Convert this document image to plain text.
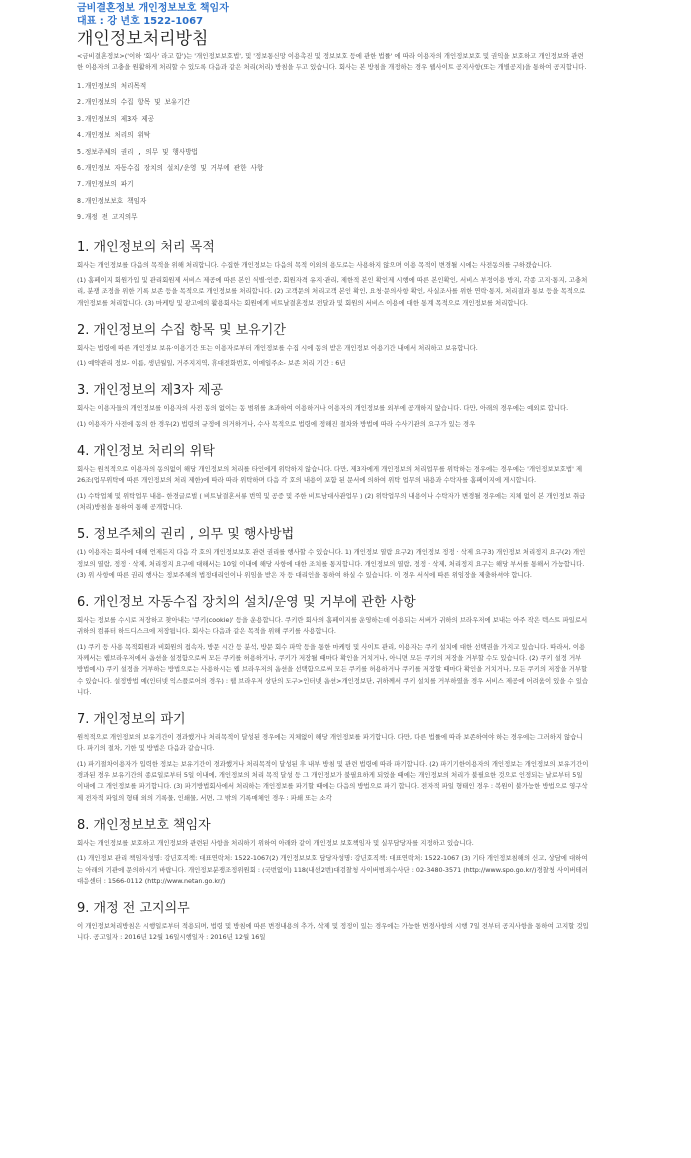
금비결혼정보 개인정보보호 책임자
대표 : 강 년호 1522-1067
개인정보처리방침

<금비결혼정보>('이하 '회사' 라고 함')는 '개인정보보호법', 및 '정보통신망 이용촉진 및 정보보호 등에 관한 법률' 에 따라 이용자의 개인정보보호 및 권익을 보호하고 개인정보와 관련한 이용자의 고충을 원활하게 처리할 수 있도록 다음과 같은 처리(처리) 방침을 두고 있습니다. 회사는 본 방침을 개정하는 경우 웹사이트 공지사항(또는 개별공지)을 통하여 공지합니다.

1.개인정보의 처리목적
2.개인정보의 수집 항목 및 보유기간
3.개인정보의 제3자 제공
4.개인정보 처리의 위탁
5.정보주체의 권리 , 의무 및 행사방법
6.개인정보 자동수집 장치의 설치/운영 및 거부에 관한 사항
7.개인정보의 파기
8.개인정보보호 책임자
9.개정 전 고지의무
1. 개인정보의 처리 목적

회사는 개인정보를 다음의 목적을 위해 처리합니다. 수집한 개인정보는 다음의 목적 이외의 용도로는 사용하지 않으며 이용 목적이 변경될 시에는 사전동의를 구하겠습니다.

(1) 홈페이지 회원가입 및 관리회원제 서비스 제공에 따른 본인 식별·인증, 회원자격 유지·관리, 제한적 본인 확인제 시행에 따른 본인확인, 서비스 부정이용 방지, 각종 고지·통지, 고충처리, 분쟁 조정을 위한 기록 보존 등을 목적으로 개인정보를 처리합니다. (2) 고객문의 처리고객 본인 확인, 요청·문의사항 확인, 사실조사를 위한 연락·통지, 처리결과 통보 등을 목적으로 개인정보를 처리합니다. (3) 마케팅 및 광고에의 활용회사는 회원에게 비트날결혼정보 전달과 및 회원의 서비스 이용에 대한 통계 목적으로 개인정보를 처리합니다.

2. 개인정보의 수집 항목 및 보유기간

회사는 법령에 따른 개인정보 보유·이용기간 또는 이용자로부터 개인정보를 수집 시에 동의 받은 개인정보 이용기간 내에서 처리하고 보유합니다.

(1) 예약관리 정보- 이름, 생년월일, 거주지지역, 휴대전화번호, 이메일주소- 보존 처리 기간 : 6년

3. 개인정보의 제3자 제공

회사는 이용자들의 개인정보를 이용자의 사전 동의 없이는 동 범위를 초과하여 이용하거나 이용자의 개인정보를 외부에 공개하지 않습니다. 다만, 아래의 경우에는 예외로 합니다.

(1) 이용자가 사전에 동의 한 경우(2) 법령의 규정에 의거하거나, 수사 목적으로 법령에 정해진 절차와 방법에 따라 수사기관의 요구가 있는 경우

4. 개인정보 처리의 위탁

회사는 원칙적으로 이용자의 동의없이 해당 개인정보의 처리를 타인에게 위탁하지 않습니다. 다만, 제3자에게 개인정보의 처리업무를 위탁하는 경우에는 경우에는 '개인정보보호법' 제26조(업무위탁에 따른 개인정보의 처리 제한)에 따라 따라 위탁하며 다음 각 호의 내용이 포함 된 문서에 의하여 위탁 업무의 내용과 수탁자를 홈페이지에 게시합니다.

(1) 수탁업체 및 위탁업무 내용- 한경글로벌 ( 비트날결혼서류 번역 및 공증 및 주한 비트남대사관업무 ) (2) 위탁업무의 내용이나 수탁자가 변경될 경우에는 지체 없이 본 개인정보 취급(처리)방침을 통하여 통해 공개합니다.

5. 정보주체의 권리 , 의무 및 행사방법

(1) 이용자는 회사에 대해 언제든지 다음 각 호의 개인정보보호 관련 권리를 행사할 수 있습니다. 1) 개인정보 열람 요구2) 개인정보 정정 · 삭제 요구3) 개인정보 처리정지 요구(2) 개인정보의 열람, 정정 · 삭제, 처리정지 요구에 대해서는 10일 이내에 해당 사항에 대한 조치를 통지합니다. 개인정보의 열람, 정정 · 삭제, 처리정지 요구는 해당 부서를 통해서 가능합니다. (3) 위 사항에 따른 권리 행사는 정보주체의 법정대리인이나 위임을 받은 자 등 대리인을 통하여 하실 수 있습니다. 이 경우 서식에 따른 위임장을 제출하셔야 합니다.

6. 개인정보 자동수집 장치의 설치/운영 및 거부에 관한 사항

회사는 정보를 수시로 저장하고 찾아내는 '쿠키(cookie)' 등을 운용합니다. 쿠키란 회사의 홈페이지를 운영하는데 이용되는 서버가 귀하의 브라우저에 보내는 아주 작은 텍스트 파일로서 귀하의 컴퓨터 하드디스크에 저장됩니다. 회사는 다음과 같은 목적을 위해 쿠키를 사용합니다.

(1) 쿠키 등 사용 목적회원과 비회원의 접속자, 방문 시간 등 분석, 방문 회수 파악 등을 통한 마케팅 및 사이트 관리, 이용자는 쿠키 설치에 대한 선택권을 가지고 있습니다. 따라서, 이용자께서는 웹브라우저에서 옵션을 설정함으로써 모든 쿠키를 허용하거나, 쿠키가 저장될 때마다 확인을 거치거나, 아니면 모든 쿠키의 저장을 거부할 수도 있습니다. (2) 쿠키 설정 거부 방법예시) 쿠키 설정을 거부하는 방법으로는 사용하시는 웹 브라우저의 옵션을 선택함으로써 모든 쿠키를 허용하거나 쿠키를 저장할 때마다 확인을 거치거나, 모든 쿠키의 저장을 거부할 수 있습니다. 설정방법 예(인터넷 익스플로어의 경우) : 웹 브라우저 상단의 도구>인터넷 옵션>개인정보단, 귀하께서 쿠키 설치를 거부하였을 경우 서비스 제공에 어려움이 있을 수 있습니다.

7. 개인정보의 파기

원칙적으로 개인정보의 보유기간이 경과했거나 처리목적이 달성된 경우에는 지체없이 해당 개인정보를 파기합니다. 다만, 다른 법률에 따라 보존하여야 하는 경우에는 그러하지 않습니다. 파기의 절차, 기한 및 방법은 다음과 같습니다.

(1) 파기절차이용자가 입력한 정보는 보유기간이 경과했거나 처리목적이 달성된 후 내부 방침 및 관련 법령에 따라 파기합니다. (2) 파기기한이용자의 개인정보는 개인정보의 보유기간이 경과된 경우 보유기간의 종료일로부터 5일 이내에, 개인정보의 처리 목적 달성 등 그 개인정보가 불필요하게 되었을 때에는 개인정보의 처리가 불필요한 것으로 인정되는 날로부터 5일 이내에 그 개인정보를 파기합니다. (3) 파기방법회사에서 처리하는 개인정보를 파기할 때에는 다음의 방법으로 파기 합니다. 전자적 파일 형태인 경우 : 복원이 불가능한 방법으로 영구삭제 전자적 파일의 형태 외의 기록물, 인쇄물, 서면, 그 밖의 기록매체인 경우 : 파쇄 또는 소각

8. 개인정보보호 책임자

회사는 개인정보를 보호하고 개인정보와 관련된 사항을 처리하기 위하여 아래와 같이 개인정보 보호책임자 및 실무담당자를 지정하고 있습니다.

(1) 개인정보 관리 책임자성명: 강년호직책: 대표연락처: 1522-1067(2) 개인정보보호 담당자성명: 강년호직책: 대표연락처: 1522-1067 (3) 기타 개인정보침해의 신고, 상담에 대하여는 아래의 기관에 문의하시기 바랍니다. 개인정보분쟁조정위원회 : (국번없이) 118(내선2번)대검찰청 사이버범죄수사단 : 02-3480-3571 (http://www.spo.go.kr/)경찰청 사이버테러대응센터 : 1566-0112 (http://www.netan.go.kr/)

9. 개정 전 고지의무

이 개인정보처리방침은 시행일로부터 적용되며, 법령 및 방침에 따른 변경내용의 추가, 삭제 및 정정이 있는 경우에는 가능한 변경사항의 시행 7일 전부터 공지사항을 통하여 고지할 것입니다. 공고일자 : 2016년 12월 16일시행일자 : 2016년 12월 16일
